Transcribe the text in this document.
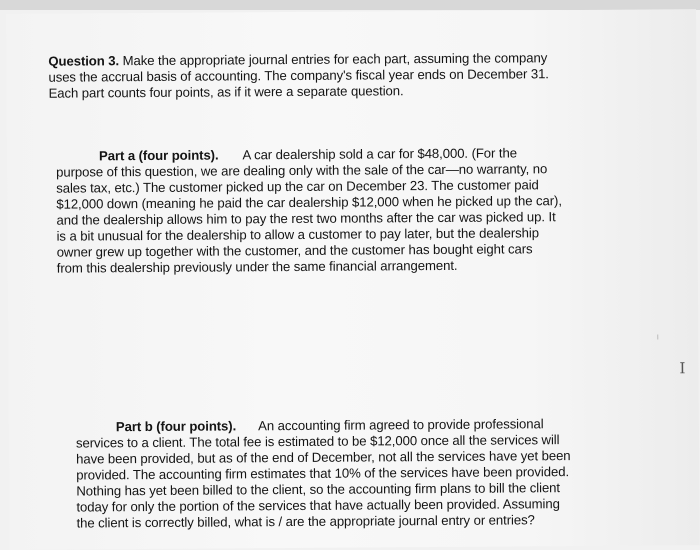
Question 3. Make the appropriate journal entries for each part, assuming the company
uses the accrual basis of accounting. The company's fiscal year ends on December 31.
Each part counts four points, as if it were a separate question.

Part a (four points). A car dealership sold a car for $48,000. (For the
purpose of this question, we are dealing only with the sale of the car—no warranty, no
sales tax, etc.) The customer picked up the car on December 23. The customer paid
$12,000 down (meaning he paid the car dealership $12,000 when he picked up the car),
and the dealership allows him to pay the rest two months after the car was picked up. It
is a bit unusual for the dealership to allow a customer to pay later, but the dealership
owner grew up together with the customer, and the customer has bought eight cars
from this dealership previously under the same financial arrangement.

Part b (four points). An accounting firm agreed to provide professional
services to a client. The total fee is estimated to be $12,000 once all the services will
have been provided, but as of the end of December, not all the services have yet been
provided. The accounting firm estimates that 10% of the services have been provided.
Nothing has yet been billed to the client, so the accounting firm plans to bill the client
today for only the portion of the services that have actually been provided. Assuming
the client is correctly billed, what is / are the appropriate journal entry or entries?

I
